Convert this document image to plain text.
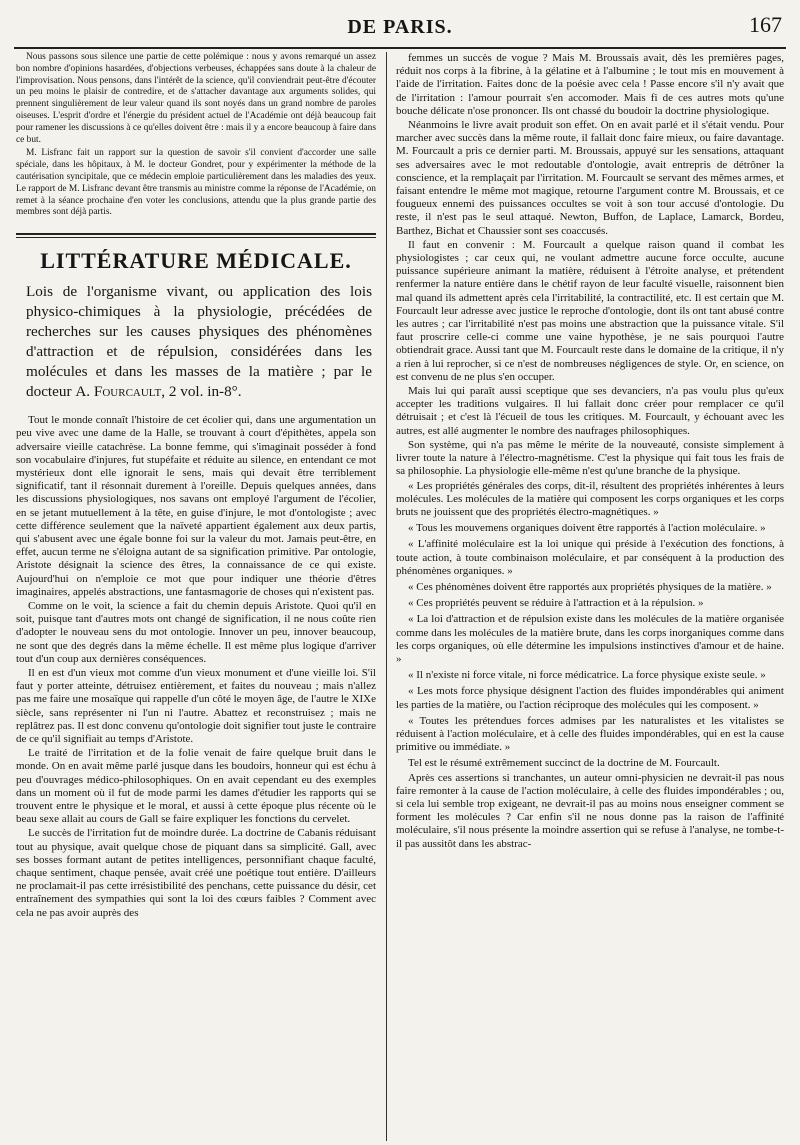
DE PARIS.	167

Nous passons sous silence une partie de cette polémique : nous y avons remarqué un assez bon nombre d'opinions hasardées, d'objections verbeuses, échappées sans doute à la chaleur de l'improvisation. Nous pensons, dans l'intérêt de la science, qu'il conviendrait peut-être d'écouter un peu moins le plaisir de contredire, et de s'attacher davantage aux arguments solides, qui prennent singulièrement de leur valeur quand ils sont noyés dans un grand nombre de paroles oiseuses. L'esprit d'ordre et l'énergie du président actuel de l'Académie ont déjà beaucoup fait pour ramener les discussions à ce qu'elles doivent être : mais il y a encore beaucoup à faire dans ce but.

M. Lisfranc fait un rapport sur la question de savoir s'il convient d'accorder une salle spéciale, dans les hôpitaux, à M. le docteur Gondret, pour y expérimenter la méthode de la cautérisation syncipitale, que ce médecin emploie particulièrement dans les maladies des yeux. Le rapport de M. Lisfranc devant être transmis au ministre comme la réponse de l'Académie, on remet à la séance prochaine d'en voter les conclusions, attendu que la plus grande partie des membres sont déjà partis.

LITTÉRATURE MÉDICALE.
Lois de l'organisme vivant, ou application des lois physico-chimiques à la physiologie, précédées de recherches sur les causes physiques des phénomènes d'attraction et de répulsion, considérées dans les molécules et dans les masses de la matière ; par le docteur A. Fourcault, 2 vol. in-8°.

Tout le monde connaît l'histoire de cet écolier qui, dans une argumentation un peu vive avec une dame de la Halle, se trouvant à court d'épithètes, appela son adversaire vieille catachrèse. La bonne femme, qui s'imaginait posséder à fond son vocabulaire d'injures, fut stupéfaite et réduite au silence, en entendant ce mot mystérieux dont elle ignorait le sens, mais qui devait être terriblement significatif, tant il résonnait durement à l'oreille. Depuis quelques années, dans les discussions physiologiques, nos savans ont employé l'argument de l'écolier, en se jetant mutuellement à la tête, en guise d'injure, le mot d'ontologiste ; avec cette différence seulement que la naïveté appartient également aux deux partis, qui s'abusent avec une égale bonne foi sur la valeur du mot. Jamais peut-être, en effet, aucun terme ne s'éloigna autant de sa signification primitive. Par ontologie, Aristote désignait la science des êtres, la connaissance de ce qui existe. Aujourd'hui on n'emploie ce mot que pour indiquer une théorie d'êtres imaginaires, appelés abstractions, une fantasmagorie de choses qui n'existent pas.

Comme on le voit, la science a fait du chemin depuis Aristote. Quoi qu'il en soit, puisque tant d'autres mots ont changé de signification, il ne nous coûte rien d'adopter le nouveau sens du mot ontologie. Innover un peu, innover beaucoup, ne sont que des degrés dans la même échelle. Il est même plus logique d'arriver tout d'un coup aux dernières conséquences.

Il en est d'un vieux mot comme d'un vieux monument et d'une vieille loi. S'il faut y porter atteinte, détruisez entièrement, et faites du nouveau ; mais n'allez pas me faire une mosaïque qui rappelle d'un côté le moyen âge, de l'autre le XIXe siècle, sans représenter ni l'un ni l'autre. Abattez et reconstruisez ; mais ne replâtrez pas. Il est donc convenu qu'ontologie doit signifier tout juste le contraire de ce qu'il signifiait au temps d'Aristote.

Le traité de l'irritation et de la folie venait de faire quelque bruit dans le monde. On en avait même parlé jusque dans les boudoirs, honneur qui est échu à peu d'ouvrages médico-philosophiques. On en avait cependant eu des exemples dans un moment où il fut de mode parmi les dames d'étudier les rapports qui se trouvent entre le physique et le moral, et aussi à cette époque plus récente où le beau sexe allait au cours de Gall se faire expliquer les fonctions du cervelet.

Le succès de l'irritation fut de moindre durée. La doctrine de Cabanis réduisant tout au physique, avait quelque chose de piquant dans sa simplicité. Gall, avec ses bosses formant autant de petites intelligences, personnifiant chaque faculté, chaque sentiment, chaque pensée, avait créé une poétique tout entière. D'ailleurs ne proclamait-il pas cette irrésistibilité des penchans, cette puissance du désir, cet entraînement des sympathies qui sont la loi des cœurs faibles ? Comment avec cela ne pas avoir auprès des

femmes un succès de vogue ? Mais M. Broussais avait, dès les premières pages, réduit nos corps à la fibrine, à la gélatine et à l'albumine ; le tout mis en mouvement à l'aide de l'irritation. Faites donc de la poésie avec cela ! Passe encore s'il n'y avait que de l'irritation : l'amour pourrait s'en accomoder. Mais fi de ces autres mots qu'une bouche délicate n'ose prononcer. Ils ont chassé du boudoir la doctrine physiologique.

Néanmoins le livre avait produit son effet. On en avait parlé et il s'était vendu. Pour marcher avec succès dans la même route, il fallait donc faire mieux, ou faire davantage. M. Fourcault a pris ce dernier parti. M. Broussais, appuyé sur les sensations, attaquant ses adversaires avec le mot redoutable d'ontologie, avait entrepris de détrôner la conscience, et la remplaçait par l'irritation. M. Fourcault se servant des mêmes armes, et faisant entendre le même mot magique, retourne l'argument contre M. Broussais, et ce fougueux ennemi des puissances occultes se voit à son tour accusé d'ontologie. Du reste, il n'est pas le seul attaqué. Newton, Buffon, de Laplace, Lamarck, Bordeu, Barthez, Bichat et Chaussier sont ses coaccusés.

Il faut en convenir : M. Fourcault a quelque raison quand il combat les physiologistes ; car ceux qui, ne voulant admettre aucune force occulte, aucune puissance supérieure animant la matière, réduisent à l'étroite analyse, et prétendent renfermer la nature entière dans le chétif rayon de leur faculté visuelle, raisonnent bien mal quand ils admettent après cela l'irritabilité, la contractilité, etc. Il est certain que M. Fourcault leur adresse avec justice le reproche d'ontologie, dont ils ont tant abusé contre les autres ; car l'irritabilité n'est pas moins une abstraction que la puissance vitale. S'il faut proscrire celle-ci comme une vaine hypothèse, je ne sais pourquoi l'autre obtiendrait grace. Aussi tant que M. Fourcault reste dans le domaine de la critique, il n'y a rien à lui reprocher, si ce n'est de nombreuses négligences de style. Or, en science, on est convenu de ne plus s'en occuper.

Mais lui qui paraît aussi sceptique que ses devanciers, n'a pas voulu plus qu'eux accepter les traditions vulgaires. Il lui fallait donc créer pour remplacer ce qu'il détruisait ; et c'est là l'écueil de tous les critiques. M. Fourcault, y échouant avec les autres, est allé augmenter le nombre des naufrages philosophiques.

Son système, qui n'a pas même le mérite de la nouveauté, consiste simplement à livrer toute la nature à l'électro-magnétisme. C'est la physique qui fait tous les frais de sa philosophie. La physiologie elle-même n'est qu'une branche de la physique.

« Les propriétés générales des corps, dit-il, résultent des propriétés inhérentes à leurs molécules. Les molécules de la matière qui composent les corps organiques et les corps bruts ne jouissent que des propriétés électro-magnétiques. »

« Tous les mouvemens organiques doivent être rapportés à l'action moléculaire. »

« L'affinité moléculaire est la loi unique qui préside à l'exécution des fonctions, à toute action, à toute combinaison moléculaire, et par conséquent à la production des phénomènes organiques. »

« Ces phénomènes doivent être rapportés aux propriétés physiques de la matière. »

« Ces propriétés peuvent se réduire à l'attraction et à la répulsion. »

« La loi d'attraction et de répulsion existe dans les molécules de la matière organisée comme dans les molécules de la matière brute, dans les corps inorganiques comme dans les corps organiques, où elle détermine les impulsions instinctives d'amour et de haine. »

« Il n'existe ni force vitale, ni force médicatrice. La force physique existe seule. »

« Les mots force physique désignent l'action des fluides impondérables qui animent les parties de la matière, ou l'action réciproque des molécules qui les composent. »

« Toutes les prétendues forces admises par les naturalistes et les vitalistes se réduisent à l'action moléculaire, et à celle des fluides impondérables, qui en est la cause primitive ou immédiate. »

Tel est le résumé extrêmement succinct de la doctrine de M. Fourcault.

Après ces assertions si tranchantes, un auteur omni-physicien ne devrait-il pas nous faire remonter à la cause de l'action moléculaire, à celle des fluides impondérables ; ou, si cela lui semble trop exigeant, ne devrait-il pas au moins nous enseigner comment se forment les molécules ? Car enfin s'il ne nous donne pas la raison de l'affinité moléculaire, s'il nous présente la moindre assertion qui se refuse à l'analyse, ne tombe-t-il pas aussitôt dans les abstrac-
